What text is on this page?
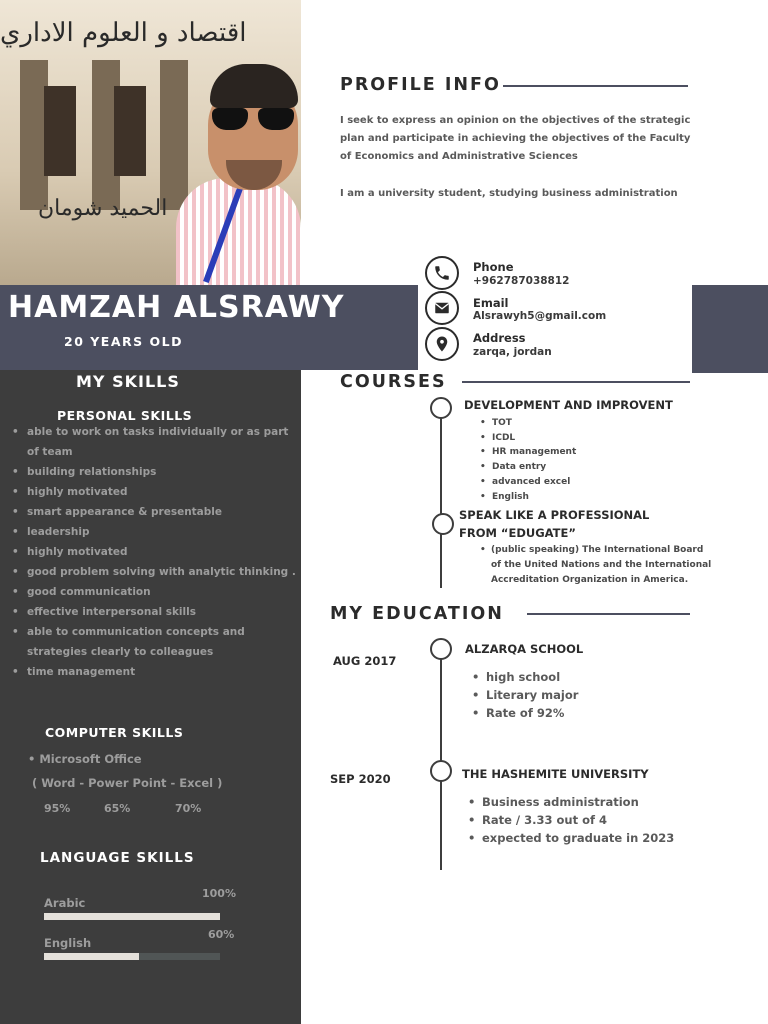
اقتصاد و العلوم الاداري
الحميد شومان
HAMZAH ALSRAWY
20 YEARS OLD
MY SKILLS
PERSONAL SKILLS
• able to work on tasks individually or as part of team
• building relationships
• highly motivated
• smart appearance & presentable
• leadership
• highly motivated
• good problem solving with analytic thinking .
• good communication
• effective interpersonal skills
• able to communication concepts and strategies clearly to colleagues
• time management
COMPUTER SKILLS
• Microsoft Office
( Word - Power Point - Excel )
95%	65%	70%
LANGUAGE SKILLS
100%
Arabic
60%
English
PROFILE INFO
I seek to express an opinion on the objectives of the strategic plan and participate in achieving the objectives of the Faculty of Economics and Administrative Sciences
I am a university student, studying business administration
Phone
+962787038812
Email
Alsrawyh5@gmail.com
Address
zarqa, jordan
COURSES
DEVELOPMENT AND IMPROVENT
• TOT
• ICDL
• HR management
• Data entry
• advanced excel
• English
SPEAK LIKE A PROFESSIONAL
FROM “EDUGATE”
• (public speaking) The International Board of the United Nations and the International Accreditation Organization in America.
MY EDUCATION
AUG 2017
ALZARQA SCHOOL
• high school
• Literary major
• Rate of 92%
SEP 2020	THE HASHEMITE UNIVERSITY
• Business administration
• Rate / 3.33 out of 4
• expected to graduate in 2023
